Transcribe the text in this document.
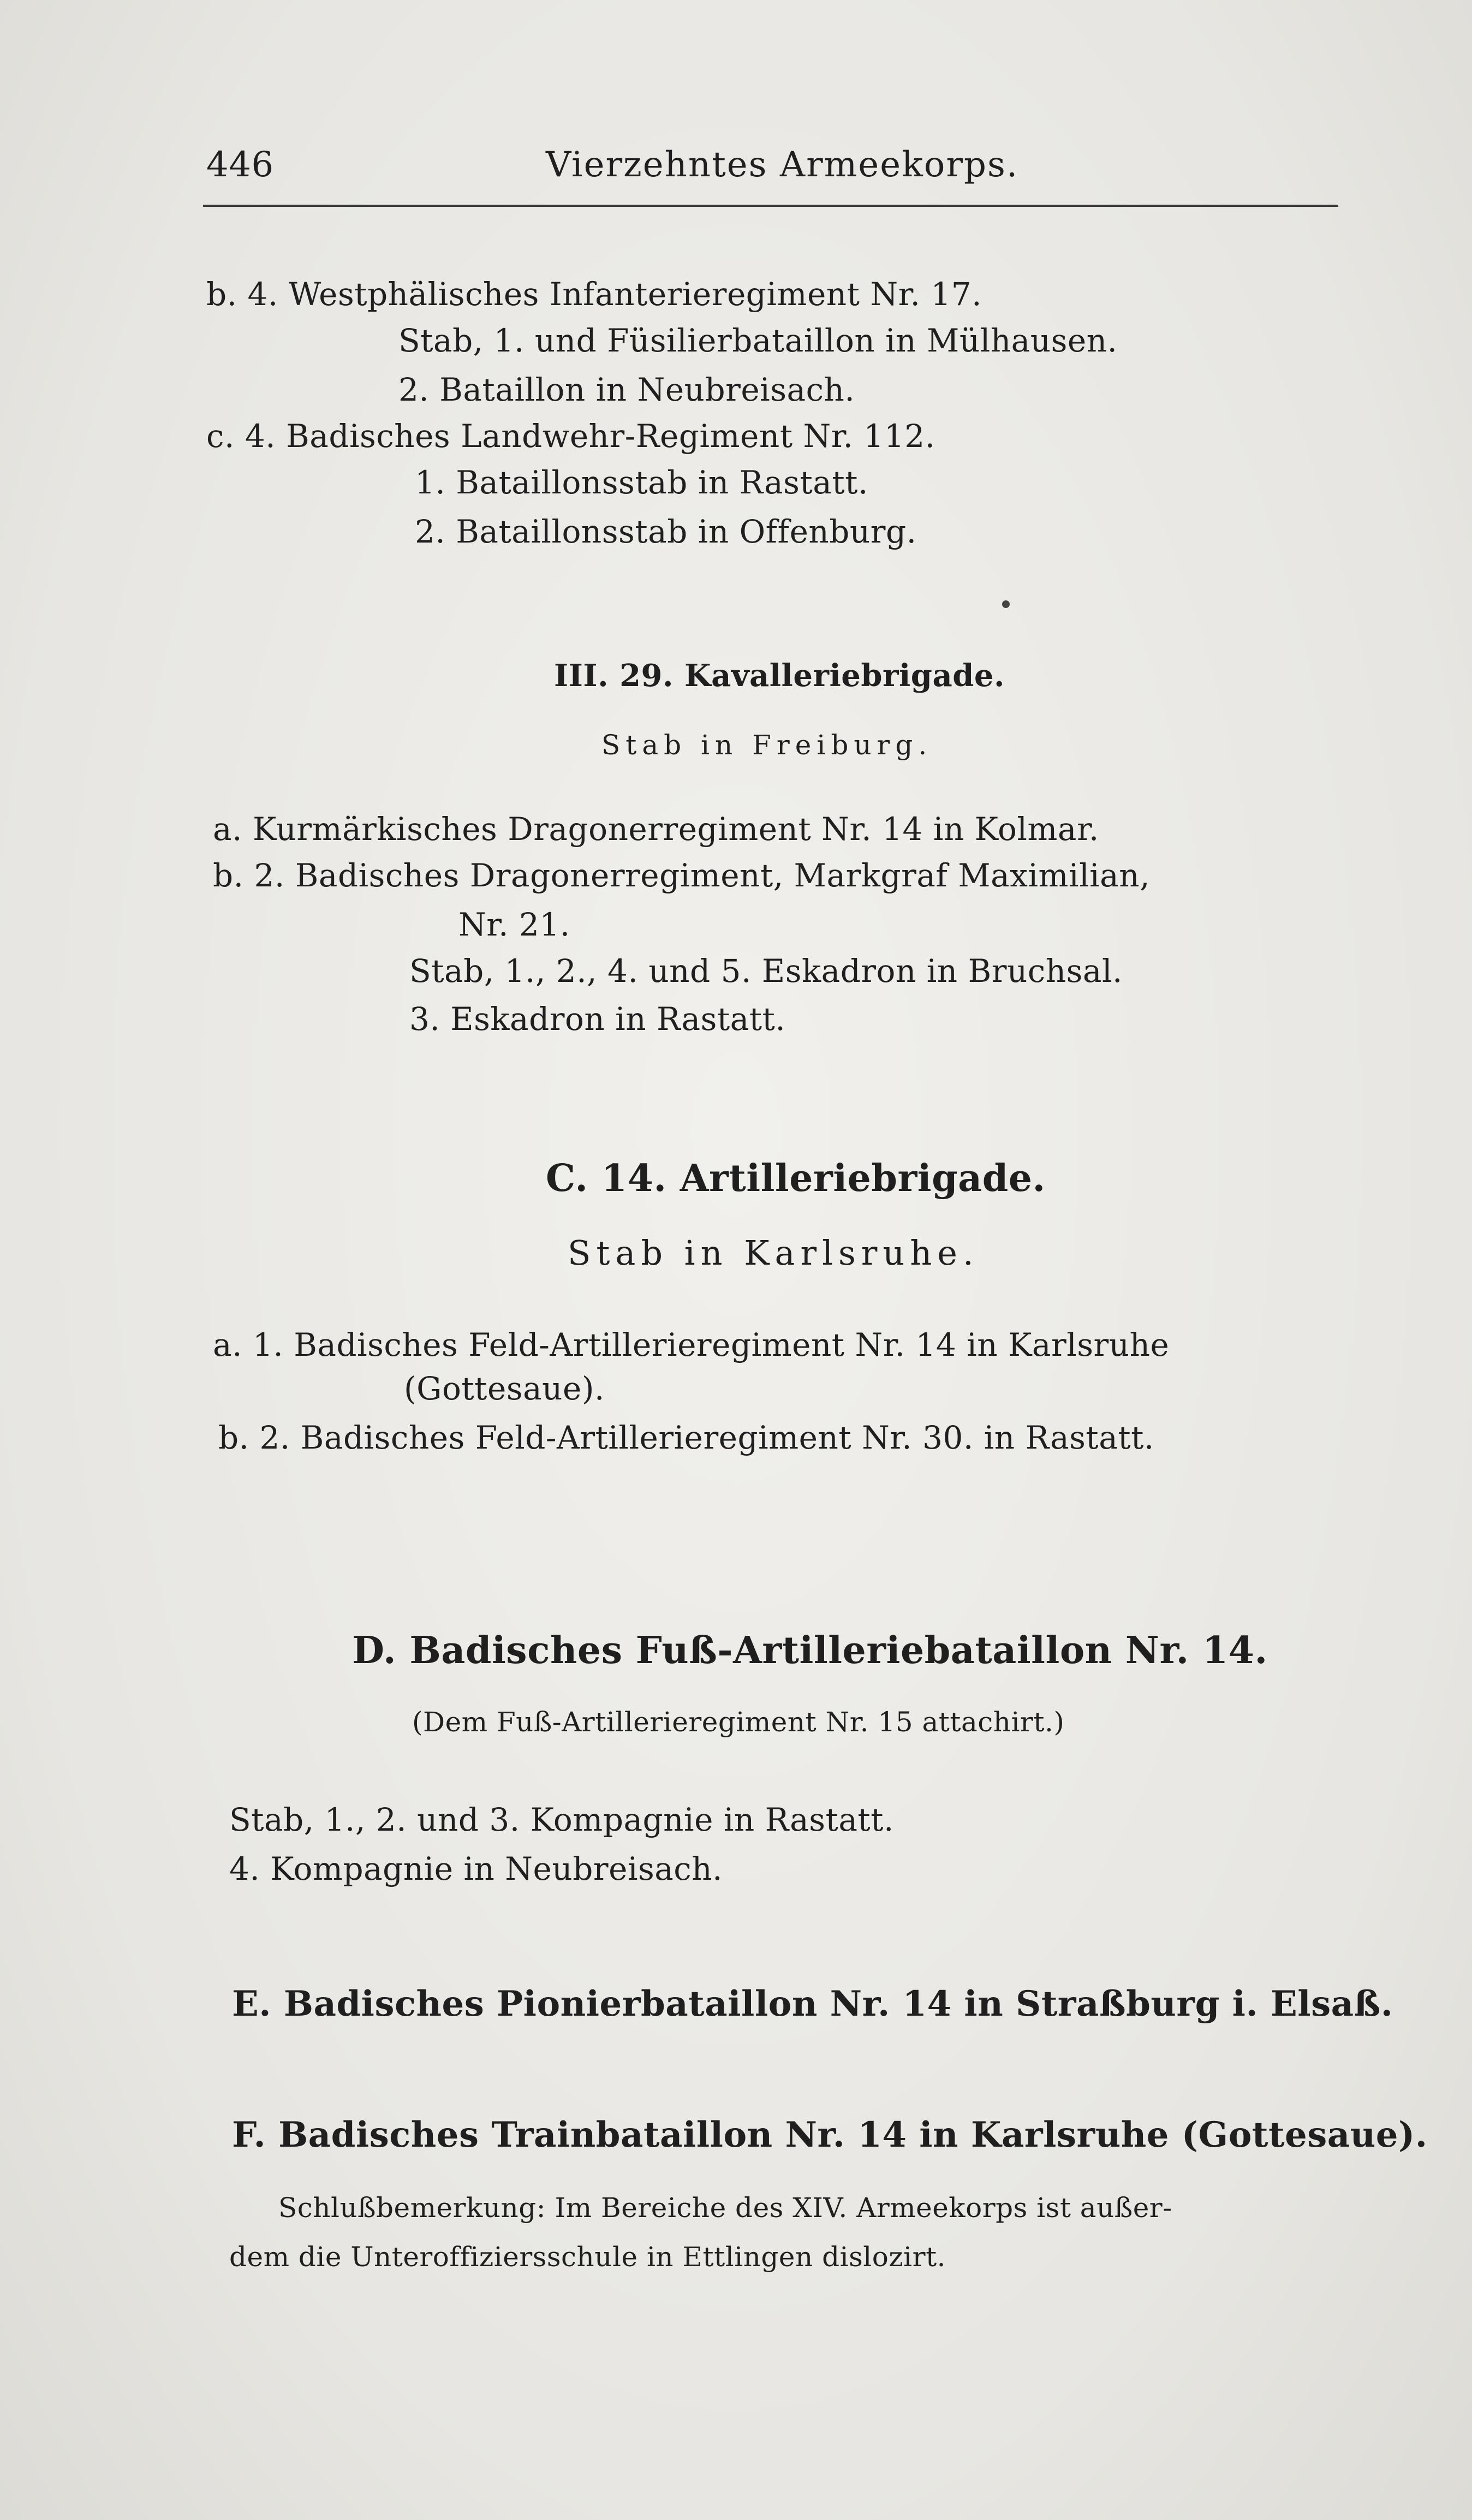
446	Vierzehntes Armeekorps.
b. 4. Westphälisches Infanterieregiment Nr. 17.
Stab, 1. und Füsilierbataillon in Mülhausen.
2. Bataillon in Neubreisach.
c. 4. Badisches Landwehr-Regiment Nr. 112.
1. Bataillonsstab in Rastatt.
2. Bataillonsstab in Offenburg.
III. 29. Kavalleriebrigade.
Stab in Freiburg.
a. Kurmärkisches Dragonerregiment Nr. 14 in Kolmar.
b. 2. Badisches Dragonerregiment, Markgraf Maximilian,
Nr. 21.
Stab, 1., 2., 4. und 5. Eskadron in Bruchsal.
3. Eskadron in Rastatt.
C. 14. Artilleriebrigade.
Stab in Karlsruhe.
a. 1. Badisches Feld-Artillerieregiment Nr. 14 in Karlsruhe
(Gottesaue).
b. 2. Badisches Feld-Artillerieregiment Nr. 30. in Rastatt.
D. Badisches Fuß-Artilleriebataillon Nr. 14.
(Dem Fuß-Artillerieregiment Nr. 15 attachirt.)
Stab, 1., 2. und 3. Kompagnie in Rastatt.
4. Kompagnie in Neubreisach.
E. Badisches Pionierbataillon Nr. 14 in Straßburg i. Elsaß.
F. Badisches Trainbataillon Nr. 14 in Karlsruhe (Gottesaue).
Schlußbemerkung: Im Bereiche des XIV. Armeekorps ist außer-
dem die Unteroffiziersschule in Ettlingen dislozirt.
